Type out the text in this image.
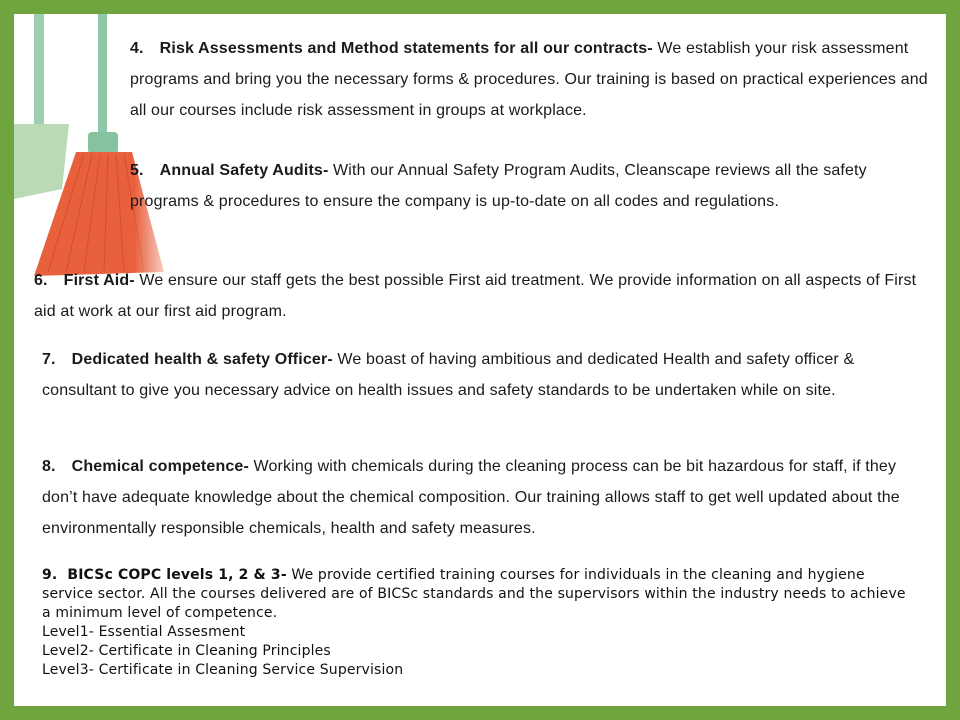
4. Risk Assessments and Method statements for all our contracts- We establish your risk assessment programs and bring you the necessary forms & procedures. Our training is based on practical experiences and all our courses include risk assessment in groups at workplace.
5. Annual Safety Audits- With our Annual Safety Program Audits, Cleanscape reviews all the safety programs & procedures to ensure the company is up-to-date on all codes and regulations.
6. First Aid- We ensure our staff gets the best possible First aid treatment. We provide information on all aspects of First aid at work at our first aid program.
7. Dedicated health & safety Officer- We boast of having ambitious and dedicated Health and safety officer & consultant to give you necessary advice on health issues and safety standards to be undertaken while on site.
8. Chemical competence- Working with chemicals during the cleaning process can be bit hazardous for staff, if they don’t have adequate knowledge about the chemical composition. Our training allows staff to get well updated about the environmentally responsible chemicals, health and safety measures.
9. BICSc COPC levels 1, 2 & 3- We provide certified training courses for individuals in the cleaning and hygiene service sector. All the courses delivered are of BICSc standards and the supervisors within the industry needs to achieve a minimum level of competence.
Level1- Essential Assesment
Level2- Certificate in Cleaning Principles
Level3- Certificate in Cleaning Service Supervision
